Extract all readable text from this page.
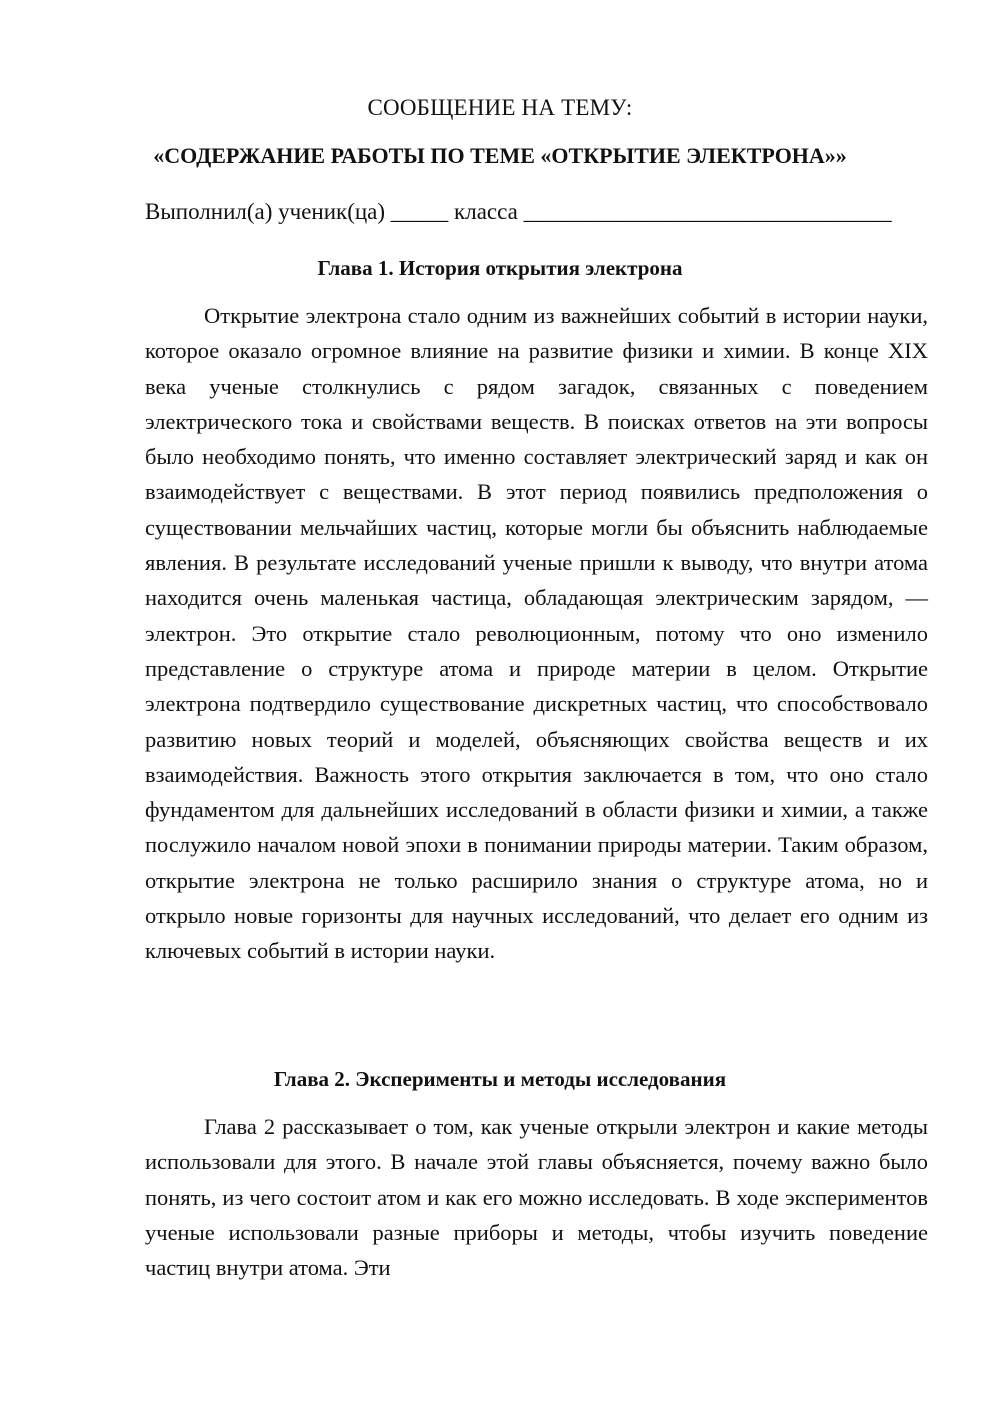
СООБЩЕНИЕ НА ТЕМУ:
«СОДЕРЖАНИЕ РАБОТЫ ПО ТЕМЕ «ОТКРЫТИЕ ЭЛЕКТРОНА»»
Выполнил(а) ученик(ца) _____ класса ________________________________
Глава 1. История открытия электрона

Открытие электрона стало одним из важнейших событий в истории науки, которое оказало огромное влияние на развитие физики и химии. В конце XIX века ученые столкнулись с рядом загадок, связанных с поведением электрического тока и свойствами веществ. В поисках ответов на эти вопросы было необходимо понять, что именно составляет электрический заряд и как он взаимодействует с веществами. В этот период появились предположения о существовании мельчайших частиц, которые могли бы объяснить наблюдаемые явления. В результате исследований ученые пришли к выводу, что внутри атома находится очень маленькая частица, обладающая электрическим зарядом, — электрон. Это открытие стало революционным, потому что оно изменило представление о структуре атома и природе материи в целом. Открытие электрона подтвердило существование дискретных частиц, что способствовало развитию новых теорий и моделей, объясняющих свойства веществ и их взаимодействия. Важность этого открытия заключается в том, что оно стало фундаментом для дальнейших исследований в области физики и химии, а также послужило началом новой эпохи в понимании природы материи. Таким образом, открытие электрона не только расширило знания о структуре атома, но и открыло новые горизонты для научных исследований, что делает его одним из ключевых событий в истории науки.

Глава 2. Эксперименты и методы исследования

Глава 2 рассказывает о том, как ученые открыли электрон и какие методы использовали для этого. В начале этой главы объясняется, почему важно было понять, из чего состоит атом и как его можно исследовать. В ходе экспериментов ученые использовали разные приборы и методы, чтобы изучить поведение частиц внутри атома. Эти
